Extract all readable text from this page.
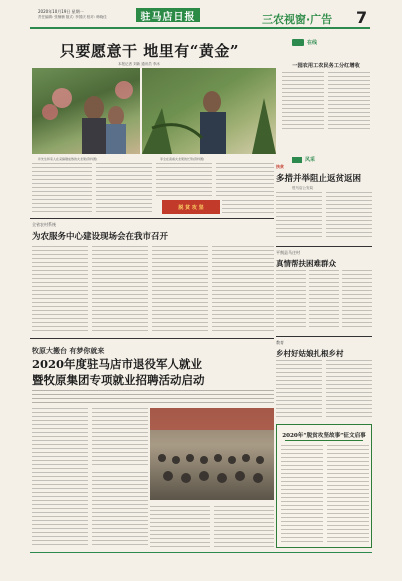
2020年10月19日 星期一
责任编辑: 张楠楠 版式: 李国庆 校对: 韩晓佳	驻马店日报	三农视窗·广告 7
只要愿意干 地里有“黄金”
本报记者 刘新 通讯员 李冰
许先生和家人在采摘刚成熟的火龙果(资料图)	李全在查看火龙果的长势(资料图)
脱 贫 攻 坚
在线
一园农用工农民务工分红增收
风采
扶贫
多措并举阻止返贫返困
驻马店公安局
平舆县马庄村
真情帮扶困难群众
全省农村系统
为农服务中心建设现场会在我市召开
教育
乡村好姑娘扎根乡村
牧原大搬台 有梦你就来
2020年度驻马店市退役军人就业
暨牧原集团专项就业招聘活动启动
2020年“脱贫攻坚故事”征文启事
